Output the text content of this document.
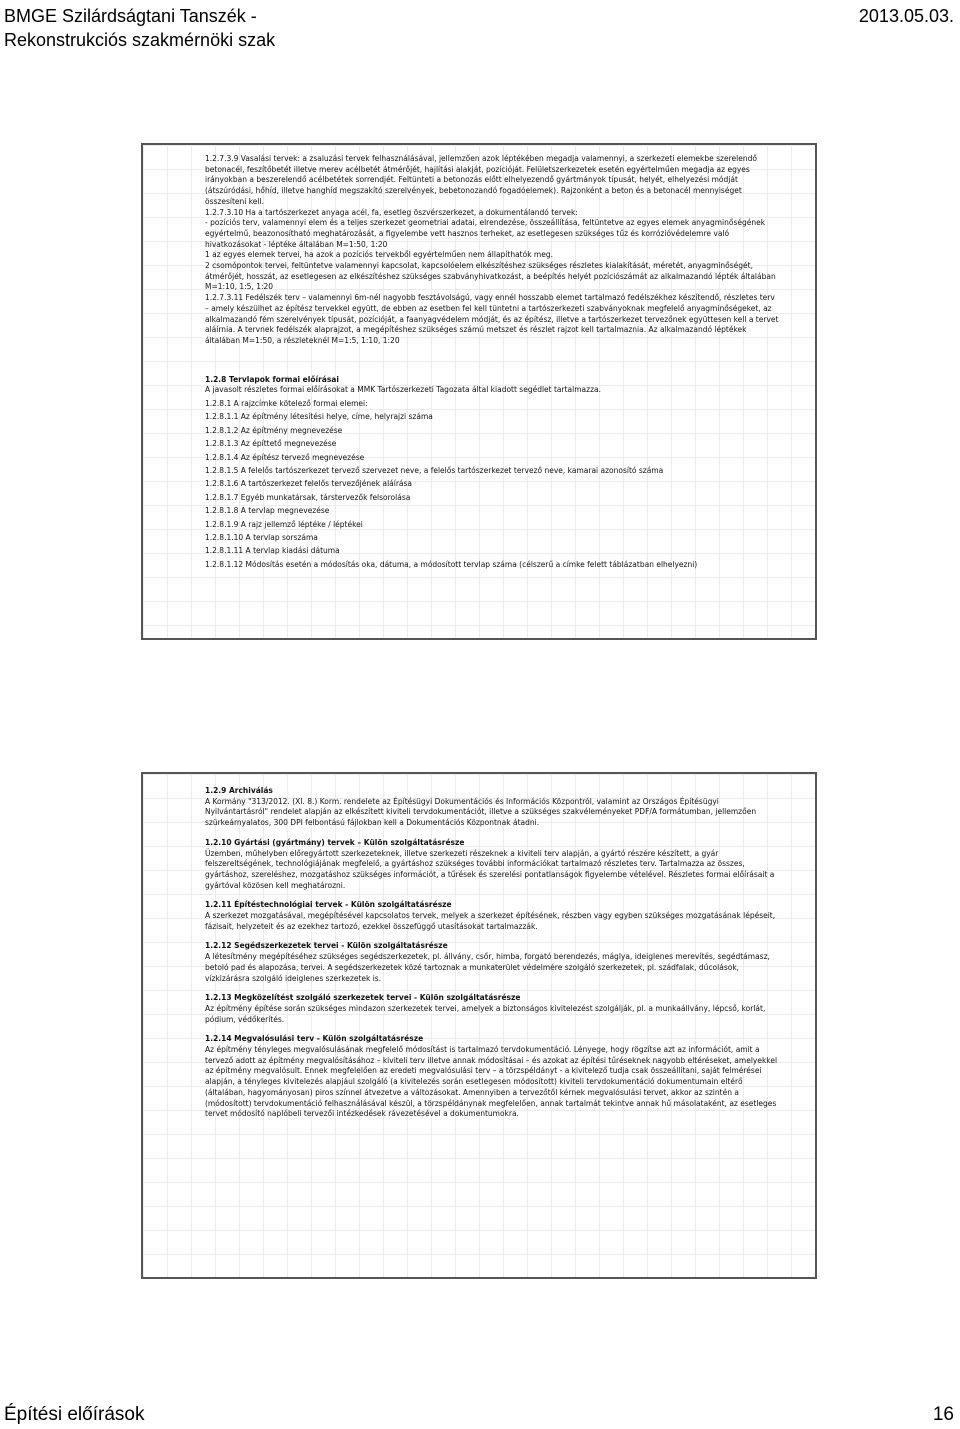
BMGE Szilárdságtani Tanszék -
Rekonstrukciós szakmérnöki szak
2013.05.03.

1.2.7.3.9 Vasalási tervek: a zsaluzási tervek felhasználásával, jellemzően azok léptékében megadja valamennyi, a szerkezeti elemekbe szerelendő betonacél, feszítőbetét illetve merev acélbetét átmérőjét, hajlítási alakját, pozícióját. Felületszerkezetek esetén egyértelműen megadja az egyes irányokban a beszerelendő acélbetétek sorrendjét. Feltünteti a betonozás előtt elhelyezendő gyártmányok típusát, helyét, elhelyezési módját (átszúródási, hőhíd, illetve hanghíd megszakító szerelvények, bebetonozandó fogadóelemek). Rajzonként a beton és a betonacél mennyiséget összesíteni kell.

1.2.7.3.10 Ha a tartószerkezet anyaga acél, fa, esetleg öszvérszerkezet, a dokumentálandó tervek:

- pozíciós terv, valamennyi elem és a teljes szerkezet geometriai adatai, elrendezése, összeállítása, feltüntetve az egyes elemek anyagminőségének egyértelmű, beazonosítható meghatározását, a figyelembe vett hasznos terheket, az esetlegesen szükséges tűz és korrózióvédelemre való hivatkozásokat - léptéke általában M=1:50, 1:20

1 az egyes elemek tervei, ha azok a pozíciós tervekből egyértelműen nem állapíthatók meg.

2 csomópontok tervei, feltüntetve valamennyi kapcsolat, kapcsolóelem elkészítéshez szükséges részletes kialakítását, méretét, anyagminőségét, átmérőjét, hosszát, az esetlegesen az elkészítéshez szükséges szabványhivatkozást, a beépítés helyét pozíciószámát az alkalmazandó lépték általában M=1:10, 1:5, 1:20

1.2.7.3.11 Fedélszék terv – valamennyi 6m-nél nagyobb fesztávolságú, vagy ennél hosszabb elemet tartalmazó fedélszékhez készítendő, részletes terv – amely készülhet az építész tervekkel együtt, de ebben az esetben fel kell tüntetni a tartószerkezeti szabványoknak megfelelő anyagminőségeket, az alkalmazandó fém szerelvények típusát, pozícióját, a faanyagvédelem módját, és az építész, illetve a tartószerkezet tervezőnek együttesen kell a tervet aláírnia. A tervnek fedélszék alaprajzot, a megépítéshez szükséges számú metszet és részlet rajzot kell tartalmaznia. Az alkalmazandó léptékek általában M=1:50, a részleteknél M=1:5, 1:10, 1:20

1.2.8 Tervlapok formai előírásai

A javasolt részletes formai előírásokat a MMK Tartószerkezeti Tagozata által kiadott segédlet tartalmazza.

1.2.8.1 A rajzcímke kötelező formai elemei:

1.2.8.1.1 Az építmény létesítési helye, címe, helyrajzi száma

1.2.8.1.2 Az építmény megnevezése

1.2.8.1.3 Az építtető megnevezése

1.2.8.1.4 Az építész tervező megnevezése

1.2.8.1.5 A felelős tartószerkezet tervező szervezet neve, a felelős tartószerkezet tervező neve, kamarai azonosító száma

1.2.8.1.6 A tartószerkezet felelős tervezőjének aláírása

1.2.8.1.7 Egyéb munkatársak, társtervezők felsorolása

1.2.8.1.8 A tervlap megnevezése

1.2.8.1.9 A rajz jellemző léptéke / léptékei

1.2.8.1.10 A tervlap sorszáma

1.2.8.1.11 A tervlap kiadási dátuma

1.2.8.1.12 Módosítás esetén a módosítás oka, dátuma, a módosított tervlap száma (célszerű a címke felett táblázatban elhelyezni)

1.2.9 Archiválás

A Kormány "313/2012. (XI. 8.) Korm. rendelete az Építésügyi Dokumentációs és Információs Központról, valamint az Országos Építésügyi Nyilvántartásról" rendelet alapján az elkészített kiviteli tervdokumentációt, illetve a szükséges szakvéleményeket PDF/A formátumban, jellemzően szürkeárnyalatos, 300 DPI felbontású fájlokban kell a Dokumentációs Központnak átadni.

1.2.10 Gyártási (gyártmány) tervek – Külön szolgáltatásrésze

Üzemben, műhelyben előregyártott szerkezeteknek, illetve szerkezeti részeknek a kiviteli terv alapján, a gyártó részére készített, a gyár felszereltségének, technológiájának megfelelő, a gyártáshoz szükséges további információkat tartalmazó részletes terv. Tartalmazza az összes, gyártáshoz, szereléshez, mozgatáshoz szükséges információt, a tűrések és szerelési pontatlanságok figyelembe vételével. Részletes formai előírásait a gyártóval közösen kell meghatározni.

1.2.11 Építéstechnológiai tervek - Külön szolgáltatásrésze

A szerkezet mozgatásával, megépítésével kapcsolatos tervek, melyek a szerkezet építésének, részben vagy egyben szükséges mozgatásának lépéseit, fázisait, helyzeteit és az ezekhez tartozó, ezekkel összefüggő utasításokat tartalmazzák.

1.2.12 Segédszerkezetek tervei - Külön szolgáltatásrésze

A létesítmény megépítéséhez szükséges segédszerkezetek, pl. állvány, csőr, himba, forgató berendezés, máglya, ideiglenes merevítés, segédtámasz, betoló pad és alapozása, tervei. A segédszerkezetek közé tartoznak a munkaterület védelmére szolgáló szerkezetek, pl. szádfalak, dúcolások, vízkizárásra szolgáló ideiglenes szerkezetek is.

1.2.13 Megközelítést szolgáló szerkezetek tervei - Külön szolgáltatásrésze

Az építmény építése során szükséges mindazon szerkezetek tervei, amelyek a biztonságos kivitelezést szolgálják, pl. a munkaállvány, lépcső, korlát, pódium, védőkerítés.

1.2.14 Megvalósulási terv - Külön szolgáltatásrésze

Az építmény tényleges megvalósulásának megfelelő módosítást is tartalmazó tervdokumentáció. Lényege, hogy rögzítse azt az információt, amit a tervező adott az építmény megvalósításához – kiviteli terv illetve annak módosításai – és azokat az építési tűréseknek nagyobb eltéréseket, amelyekkel az építmény megvalósult. Ennek megfelelően az eredeti megvalósulási terv – a törzspéldányt - a kivitelező tudja csak összeállítani, saját felmérései alapján, a tényleges kivitelezés alapjául szolgáló (a kivitelezés során esetlegesen módosított) kiviteli tervdokumentáció dokumentumain eltérő (általában, hagyományosan) piros színnel átvezetve a változásokat. Amennyiben a tervezőtől kérnek megvalósulási tervet, akkor az szintén a (módosított) tervdokumentáció felhasználásával készül, a törzspéldánynak megfelelően, annak tartalmát tekintve annak hű másolataként, az esetleges tervet módosító naplóbeli tervezői intézkedések rávezetésével a dokumentumokra.

Építési előírások	16
